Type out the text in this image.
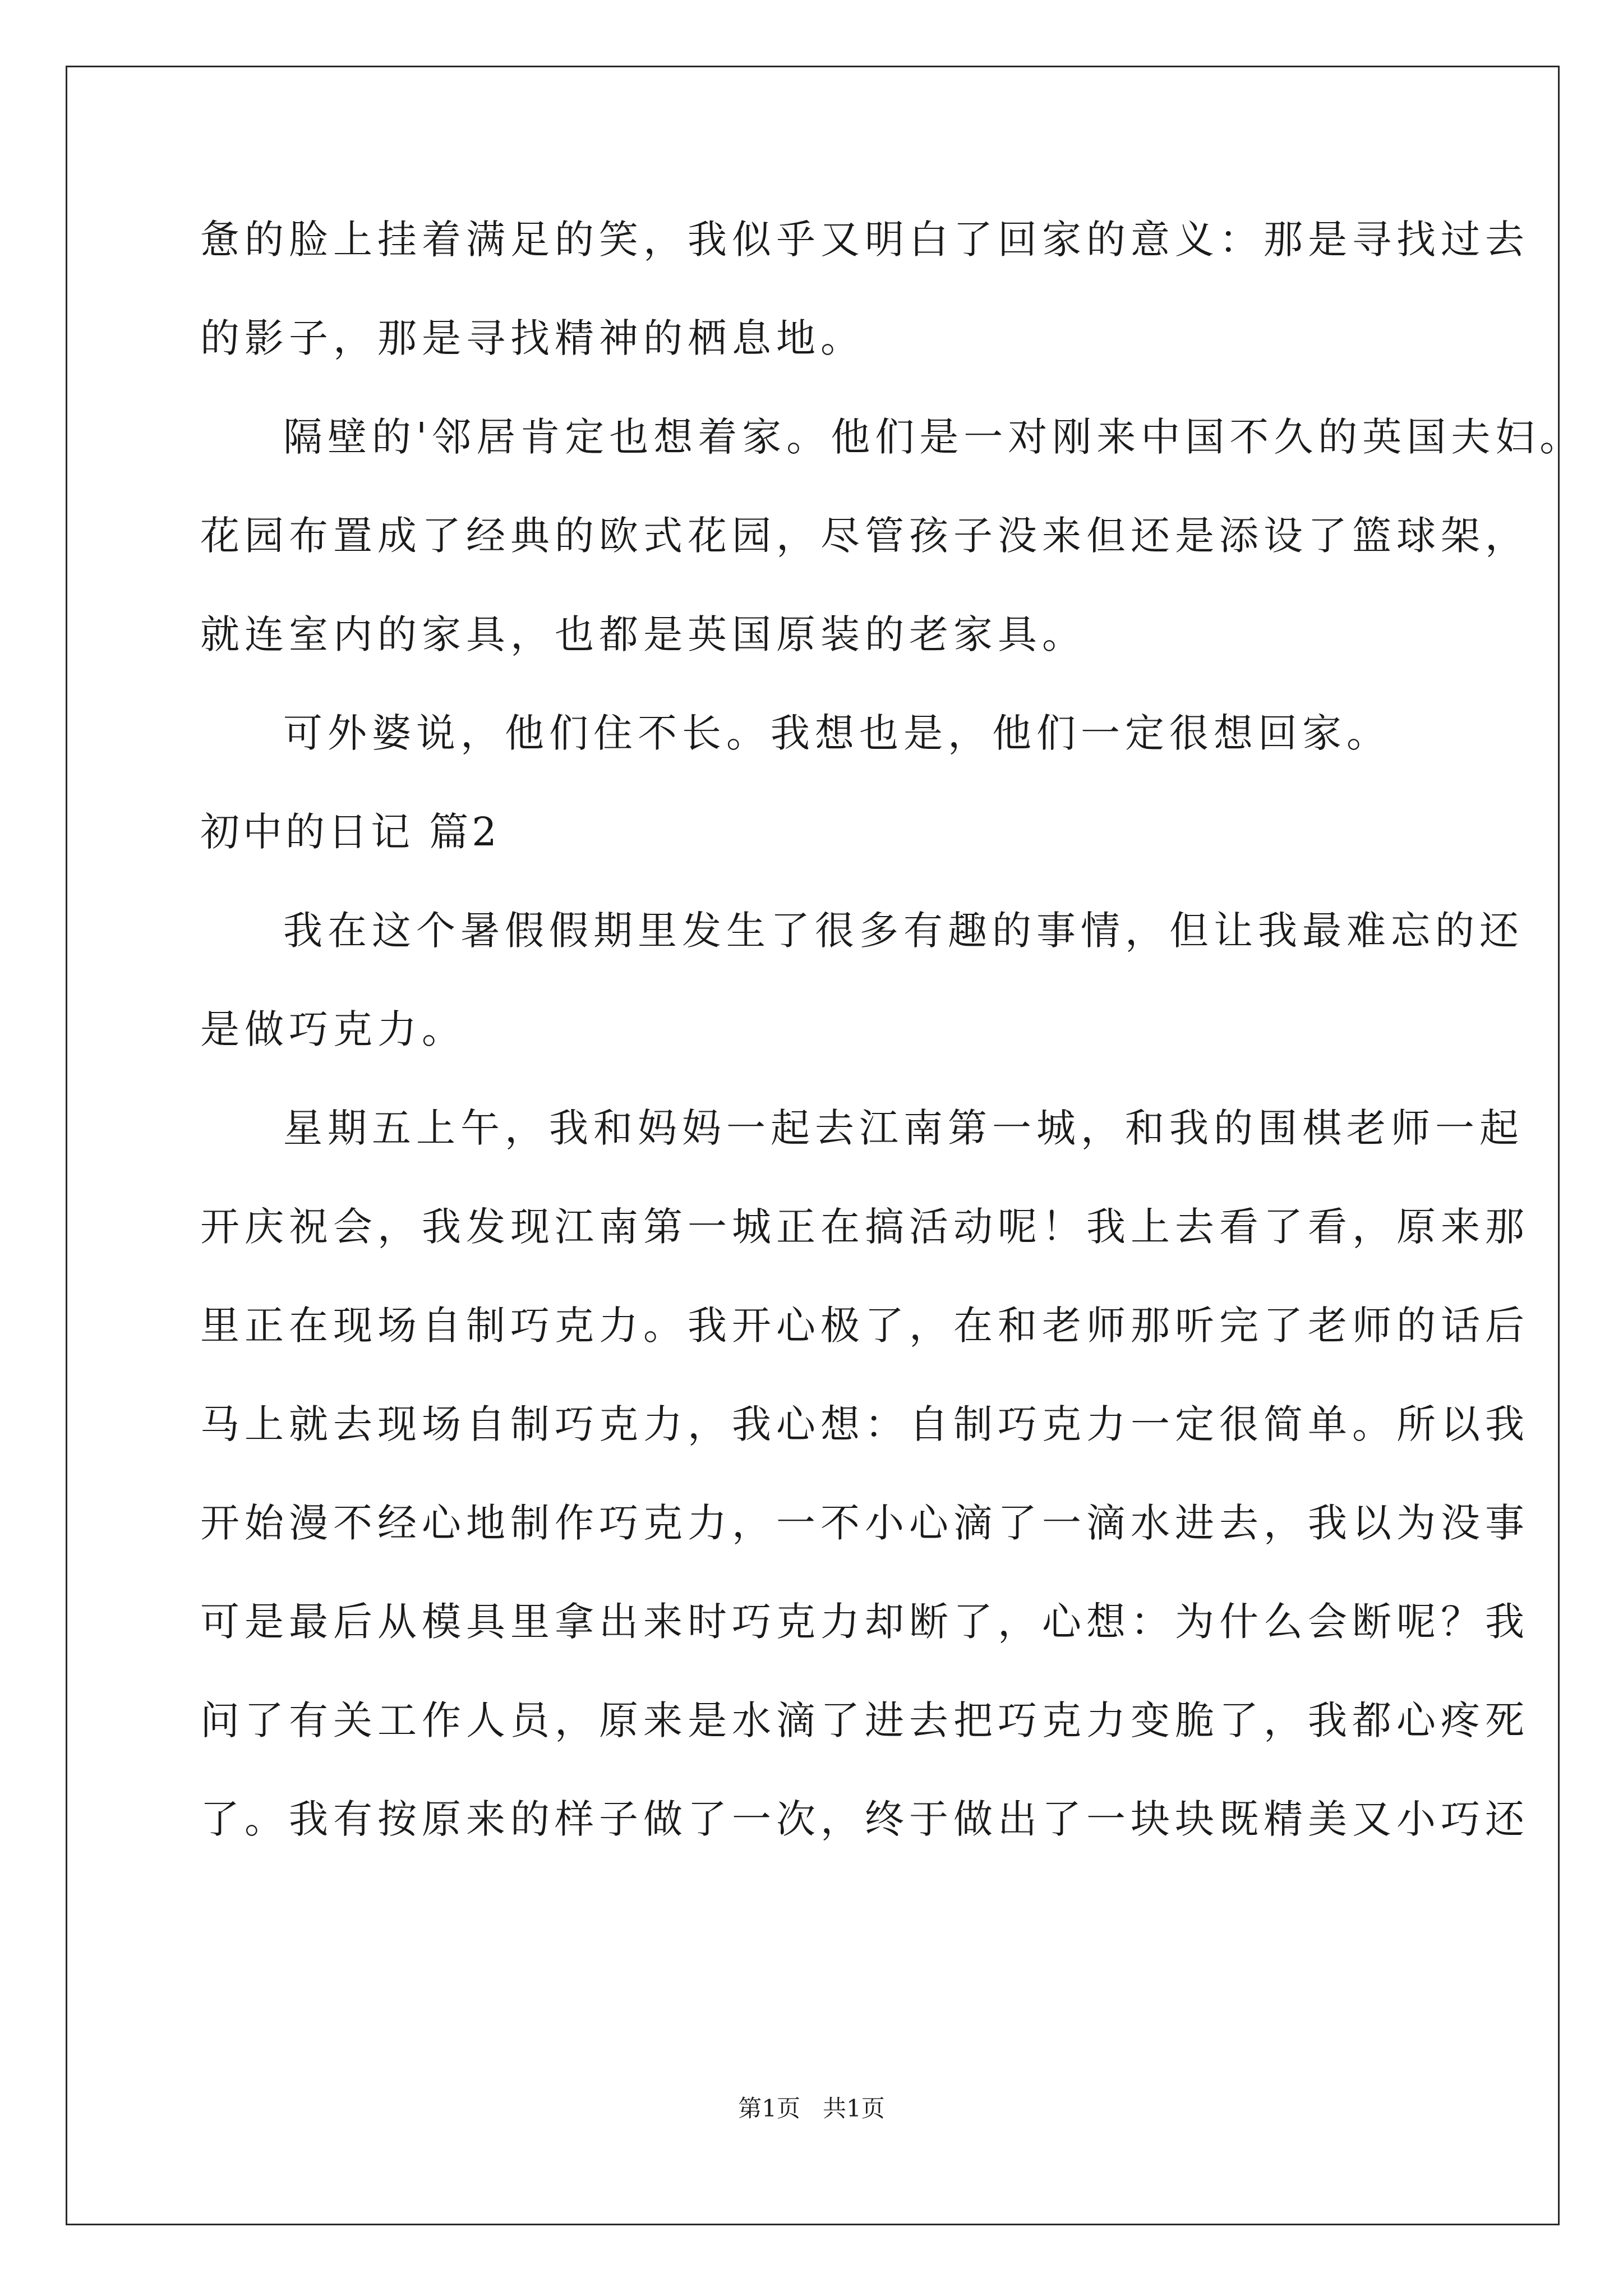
惫的脸上挂着满足的笑，我似乎又明白了回家的意义：那是寻找过去

的影子，那是寻找精神的栖息地。

隔壁的'邻居肯定也想着家。他们是一对刚来中国不久的英国夫妇。

花园布置成了经典的欧式花园，尽管孩子没来但还是添设了篮球架，

就连室内的家具，也都是英国原装的老家具。

可外婆说，他们住不长。我想也是，他们一定很想回家。

初中的日记 篇2

我在这个暑假假期里发生了很多有趣的事情，但让我最难忘的还

是做巧克力。

星期五上午，我和妈妈一起去江南第一城，和我的围棋老师一起

开庆祝会，我发现江南第一城正在搞活动呢！我上去看了看，原来那

里正在现场自制巧克力。我开心极了，在和老师那听完了老师的话后

马上就去现场自制巧克力，我心想：自制巧克力一定很简单。所以我

开始漫不经心地制作巧克力，一不小心滴了一滴水进去，我以为没事

可是最后从模具里拿出来时巧克力却断了，心想：为什么会断呢？我

问了有关工作人员，原来是水滴了进去把巧克力变脆了，我都心疼死

了。我有按原来的样子做了一次，终于做出了一块块既精美又小巧还

第1页 共1页
